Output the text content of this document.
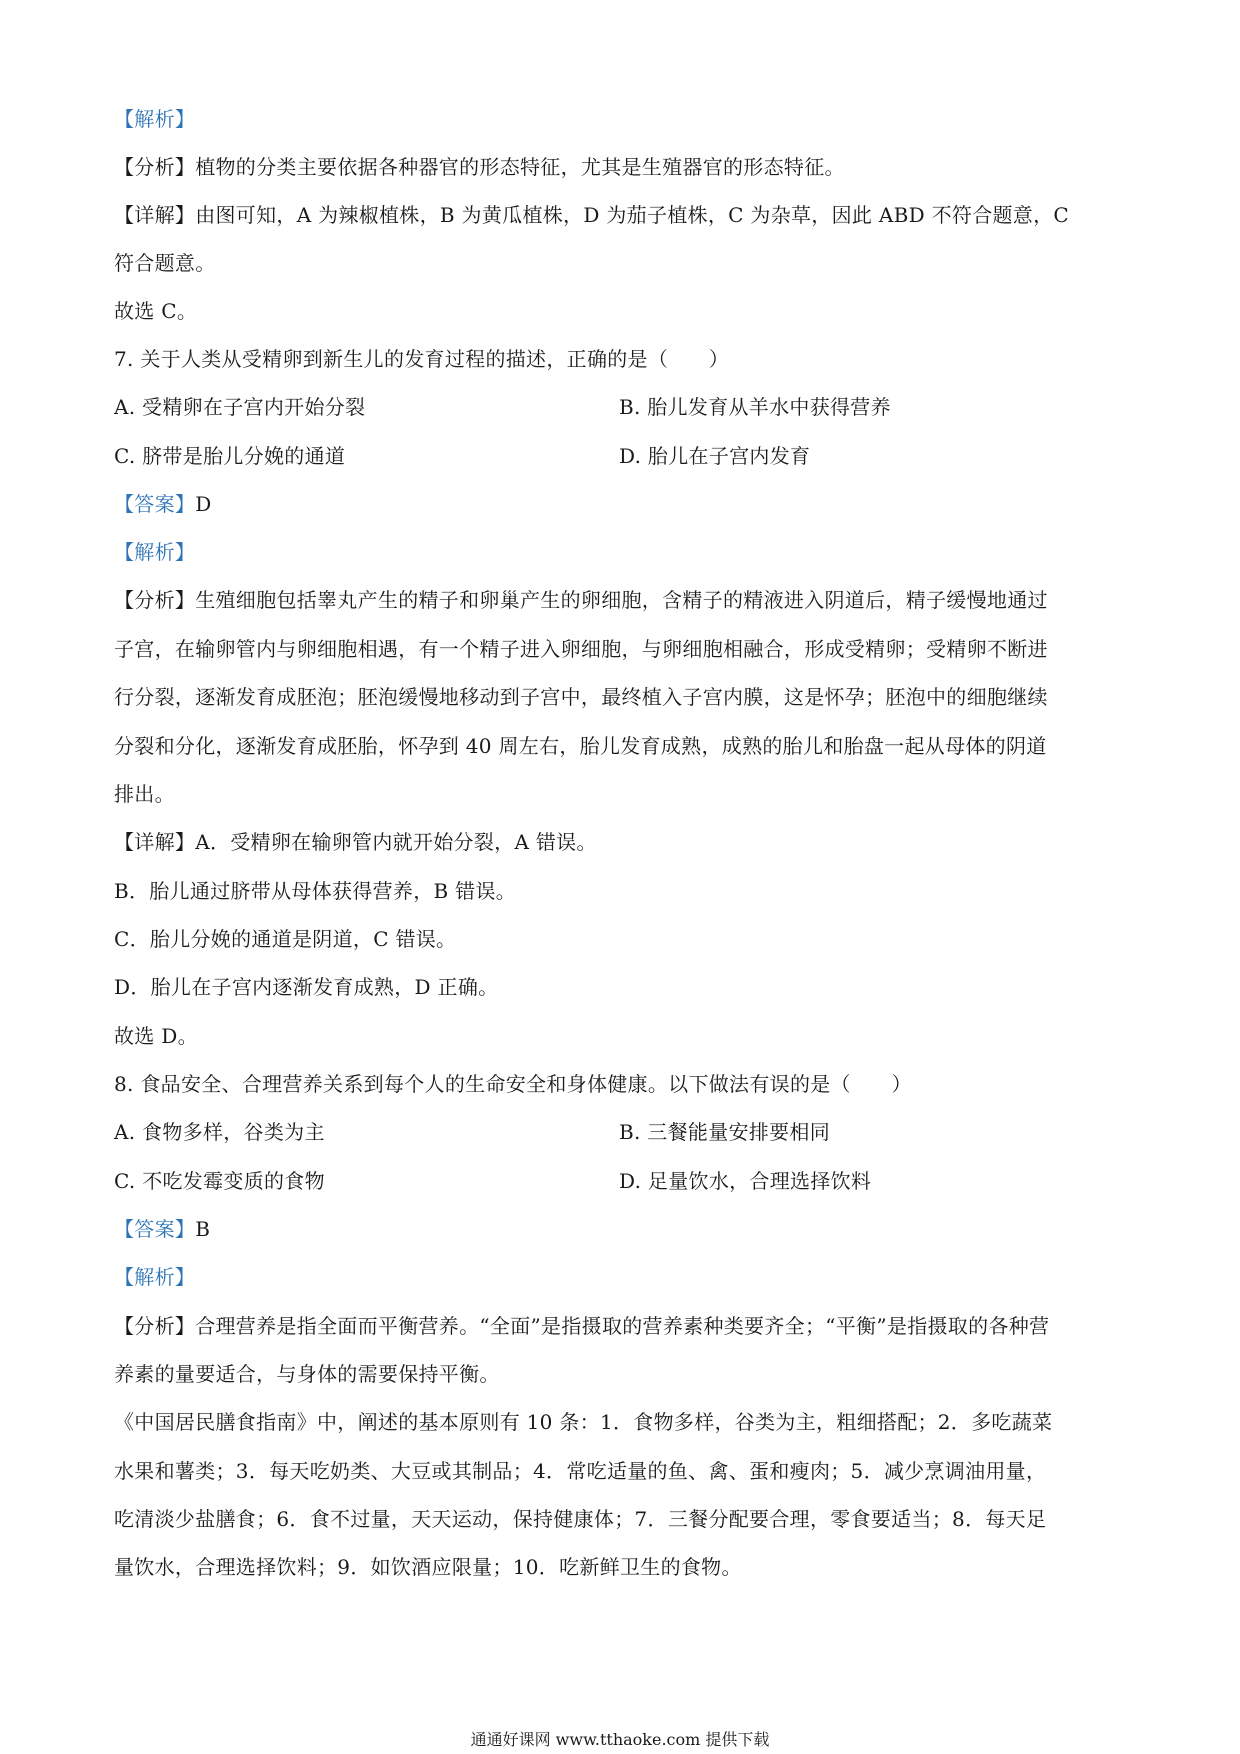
【解析】
【分析】植物的分类主要依据各种器官的形态特征，尤其是生殖器官的形态特征。
【详解】由图可知，A 为辣椒植株，B 为黄瓜植株，D 为茄子植株，C 为杂草，因此 ABD 不符合题意，C
符合题意。
故选 C。
7. 关于人类从受精卵到新生儿的发育过程的描述，正确的是（　　）
A. 受精卵在子宫内开始分裂	B. 胎儿发育从羊水中获得营养
C. 脐带是胎儿分娩的通道	D. 胎儿在子宫内发育
【答案】D
【解析】
【分析】生殖细胞包括睾丸产生的精子和卵巢产生的卵细胞，含精子的精液进入阴道后，精子缓慢地通过
子宫，在输卵管内与卵细胞相遇，有一个精子进入卵细胞，与卵细胞相融合，形成受精卵；受精卵不断进
行分裂，逐渐发育成胚泡；胚泡缓慢地移动到子宫中，最终植入子宫内膜，这是怀孕；胚泡中的细胞继续
分裂和分化，逐渐发育成胚胎，怀孕到 40 周左右，胎儿发育成熟，成熟的胎儿和胎盘一起从母体的阴道
排出。
【详解】A．受精卵在输卵管内就开始分裂，A 错误。
B．胎儿通过脐带从母体获得营养，B 错误。
C．胎儿分娩的通道是阴道，C 错误。
D．胎儿在子宫内逐渐发育成熟，D 正确。
故选 D。
8. 食品安全、合理营养关系到每个人的生命安全和身体健康。以下做法有误的是（　　）
A. 食物多样，谷类为主	B. 三餐能量安排要相同
C. 不吃发霉变质的食物	D. 足量饮水，合理选择饮料
【答案】B
【解析】
【分析】合理营养是指全面而平衡营养。“全面”是指摄取的营养素种类要齐全；“平衡”是指摄取的各种营
养素的量要适合，与身体的需要保持平衡。
《中国居民膳食指南》中，阐述的基本原则有 10 条：1．食物多样，谷类为主，粗细搭配；2．多吃蔬菜
水果和薯类；3．每天吃奶类、大豆或其制品；4．常吃适量的鱼、禽、蛋和瘦肉；5．减少烹调油用量，
吃清淡少盐膳食；6．食不过量，天天运动，保持健康体；7．三餐分配要合理，零食要适当；8．每天足
量饮水，合理选择饮料；9．如饮酒应限量；10．吃新鲜卫生的食物。
通通好课网 www.tthaoke.com 提供下载
